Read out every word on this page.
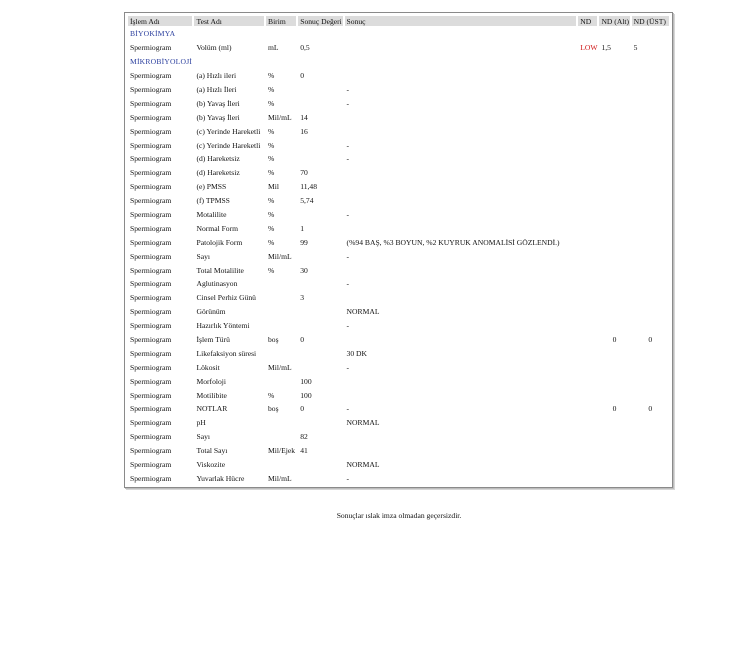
İşlem Adı	Test Adı	Birim	Sonuç Değeri	Sonuç	ND	ND (Alt)	ND (ÜST)
BİYOKİMYA							
Spermiogram	Volüm (ml)	mL	0,5		LOW	1,5	5
MİKROBİYOLOJİ							
Spermiogram	(a) Hızlı ileri	%	0				
Spermiogram	(a) Hızlı İleri	%		-			
Spermiogram	(b) Yavaş İleri	%		-			
Spermiogram	(b) Yavaş İleri	Mil/mL	14				
Spermiogram	(c) Yerinde Hareketli	%	16				
Spermiogram	(c) Yerinde Hareketli	%		-			
Spermiogram	(d) Hareketsiz	%		-			
Spermiogram	(d) Hareketsiz	%	70				
Spermiogram	(e) PMSS	Mil	11,48				
Spermiogram	(f) TPMSS	%	5,74				
Spermiogram	Motalilite	%		-			
Spermiogram	Normal Form	%	1				
Spermiogram	Patolojik Form	%	99	(%94 BAŞ, %3 BOYUN, %2 KUYRUK ANOMALİSİ GÖZLENDİ.)			
Spermiogram	Sayı	Mil/mL		-			
Spermiogram	Total Motalilite	%	30				
Spermiogram	Aglutinasyon			-			
Spermiogram	Cinsel Perhiz Günü		3				
Spermiogram	Görünüm			NORMAL			
Spermiogram	Hazırlık Yöntemi			-			
Spermiogram	İşlem Türü	boş	0			0	0
Spermiogram	Likefaksiyon süresi			30 DK			
Spermiogram	Lökosit	Mil/mL		-			
Spermiogram	Morfoloji		100				
Spermiogram	Motilibite	%	100				
Spermiogram	NOTLAR	boş	0	-		0	0
Spermiogram	pH			NORMAL			
Spermiogram	Sayı		82				
Spermiogram	Total Sayı	Mil/Ejek	41				
Spermiogram	Viskozite			NORMAL			
Spermiogram	Yuvarlak Hücre	Mil/mL		-			
Sonuçlar ıslak imza olmadan geçersizdir.
